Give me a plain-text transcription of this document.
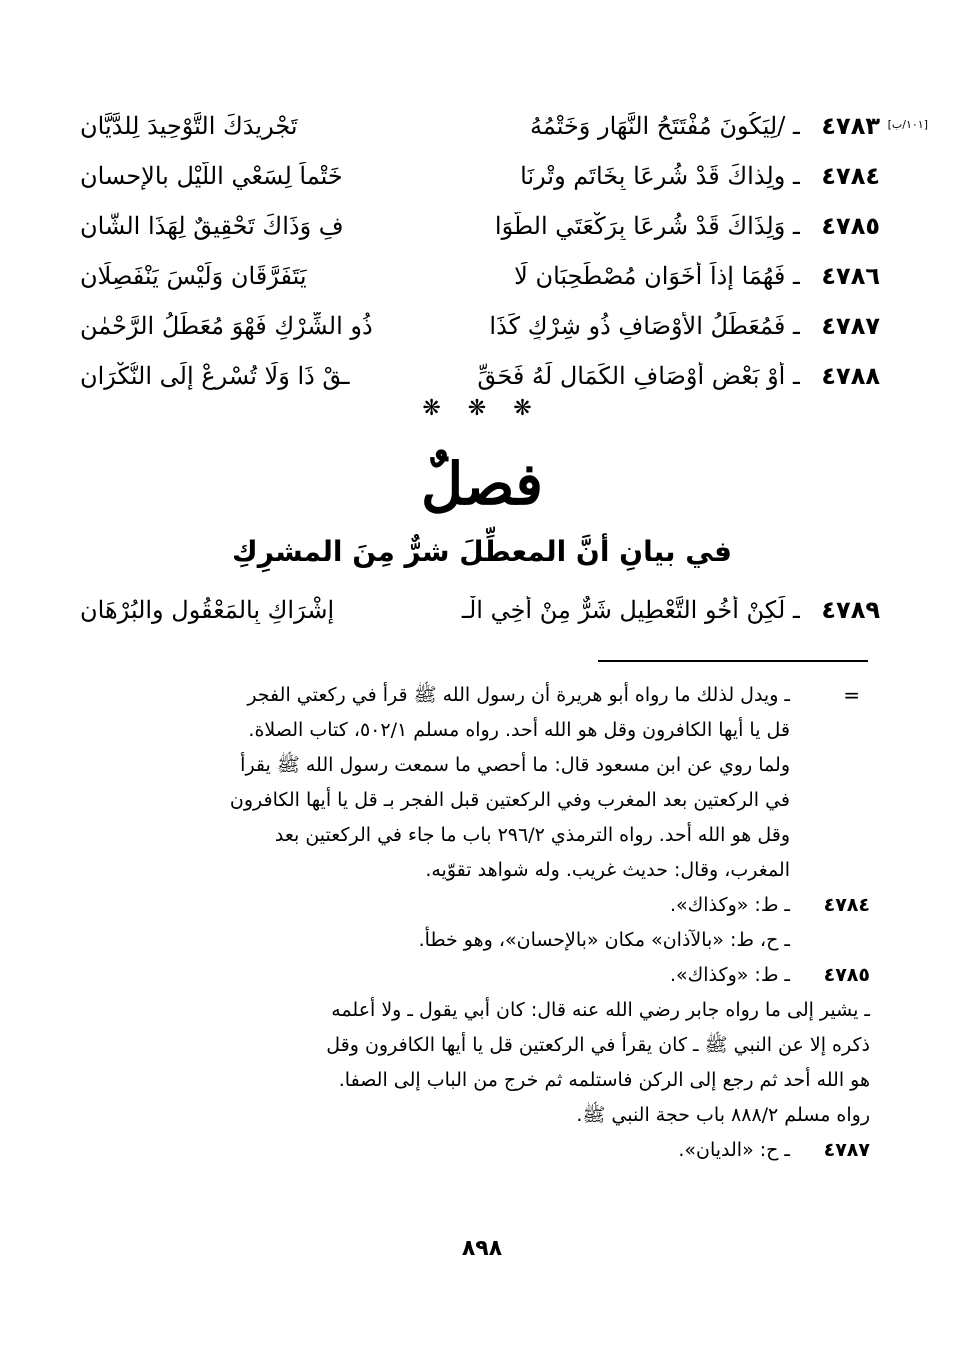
[١٠١/ب]
٤٧٨٣
ـ /لِيَكُونَ مُفْتَتَحُ النَّهَارِ وَخَتْمُهُ
تَجْرِيدَكَ التَّوْحِيدَ لِلدَّيَّانِ
٤٧٨٤
ـ ولِذاكَ قَدْ شُرِعَا بِخَاتَمِ وِتْرِنَا
خَتْماً لِسَعْيِ اللَّيْلِ بالإحسانِ
٤٧٨٥
ـ وَلِذَاكَ قَدْ شُرِعَا بِرَكْعَتَيِ الطَّوَا
فِ وَذَاكَ تَحْقِيقٌ لِهَذَا الشَّانِ
٤٧٨٦
ـ فَهُمَا إِذاً أَخَوَانِ مُصْطَحِبَانِ لَا
يَتَفَرَّقَانِ وَلَيْسَ يَنْفَصِلَانِ
٤٧٨٧
ـ فَمُعَطِّلُ الأَوْصَافِ ذُو شِرْكٍ كَذَا
ذُو الشِّرْكِ فَهْوَ مُعَطِّلُ الرَّحْمٰنِ
٤٧٨٨
ـ أَوْ بَعْضِ أَوْصَافِ الكَمَالِ لَهُ فَحَقِّ
ـقْ ذَا وَلَا تُسْرِعْ إِلَى النُّكْرَانِ
❋ ❋ ❋
فصلٌ
في بيانِ أنَّ المعطِّلَ شرٌّ مِنَ المشرِكِ
٤٧٨٩
ـ لَكِنْ أَخُو التَّعْطِيلِ شَرٌّ مِنْ أَخِي الْـ
إِشْرَاكِ بِالمَعْقُولِ والبُرْهَانِ
=
ـ ويدل لذلك ما رواه أبو هريرة أن رسول الله ﷺ قرأ في ركعتي الفجر
قل يا أيها الكافرون وقل هو الله أحد. رواه مسلم ٥٠٢/١، كتاب الصلاة.
ولما روي عن ابن مسعود قال: ما أحصي ما سمعت رسول الله ﷺ يقرأ
في الركعتين بعد المغرب وفي الركعتين قبل الفجر بـ قل يا أيها الكافرون
وقل هو الله أحد. رواه الترمذي ٢٩٦/٢ باب ما جاء في الركعتين بعد
المغرب، وقال: حديث غريب. وله شواهد تقوّيه.
٤٧٨٤
ـ ط: «وكذاك».
ـ ح، ط: «بالآذان» مكان «بالإحسان»، وهو خطأ.
٤٧٨٥
ـ ط: «وكذاك».
ـ يشير إلى ما رواه جابر رضي الله عنه قال: كان أبي يقول ـ ولا أعلمه
ذكره إلا عن النبي ﷺ ـ كان يقرأ في الركعتين قل يا أيها الكافرون وقل
هو الله أحد ثم رجع إلى الركن فاستلمه ثم خرج من الباب إلى الصفا.
رواه مسلم ٨٨٨/٢ باب حجة النبي ﷺ.
٤٧٨٧
ـ ح: «الديان».
٨٩٨
